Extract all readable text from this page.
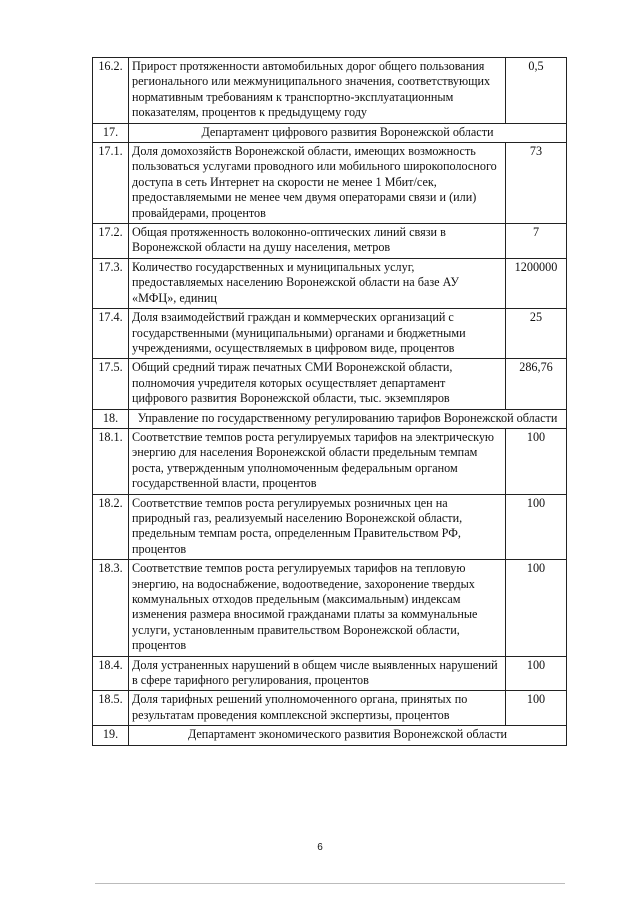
16.2.	Прирост протяженности автомобильных дорог общего пользования регионального или межмуниципального значения, соответствующих нормативным требованиям к транспортно-эксплуатационным показателям, процентов к предыдущему году	0,5
17.	Департамент цифрового развития Воронежской области	
17.1.	Доля домохозяйств Воронежской области, имеющих возможность пользоваться услугами проводного или мобильного широкополосного доступа в сеть Интернет на скорости не менее 1 Мбит/сек, предоставляемыми не менее чем двумя операторами связи и (или) провайдерами, процентов	73
17.2.	Общая протяженность волоконно-оптических линий связи в Воронежской области на душу населения, метров	7
17.3.	Количество государственных и муниципальных услуг, предоставляемых населению Воронежской области на базе АУ «МФЦ», единиц	1200000
17.4.	Доля взаимодействий граждан и коммерческих организаций с государственными (муниципальными) органами и бюджетными учреждениями, осуществляемых в цифровом виде, процентов	25
17.5.	Общий средний тираж печатных СМИ Воронежской области, полномочия учредителя которых осуществляет департамент цифрового развития Воронежской области, тыс. экземпляров	286,76
18.	Управление по государственному регулированию тарифов Воронежской области	
18.1.	Соответствие темпов роста регулируемых тарифов на электрическую энергию для населения Воронежской области предельным темпам роста, утвержденным уполномоченным федеральным органом государственной власти, процентов	100
18.2.	Соответствие темпов роста регулируемых розничных цен на природный газ, реализуемый населению Воронежской области, предельным темпам роста, определенным Правительством РФ, процентов	100
18.3.	Соответствие темпов роста регулируемых тарифов на тепловую энергию, на водоснабжение, водоотведение, захоронение твердых коммунальных отходов предельным (максимальным) индексам изменения размера вносимой гражданами платы за коммунальные услуги, установленным правительством Воронежской области, процентов	100
18.4.	Доля устраненных нарушений в общем числе выявленных нарушений в сфере тарифного регулирования, процентов	100
18.5.	Доля тарифных решений уполномоченного органа, принятых по результатам проведения комплексной экспертизы, процентов	100
19.	Департамент экономического развития Воронежской области	
6
